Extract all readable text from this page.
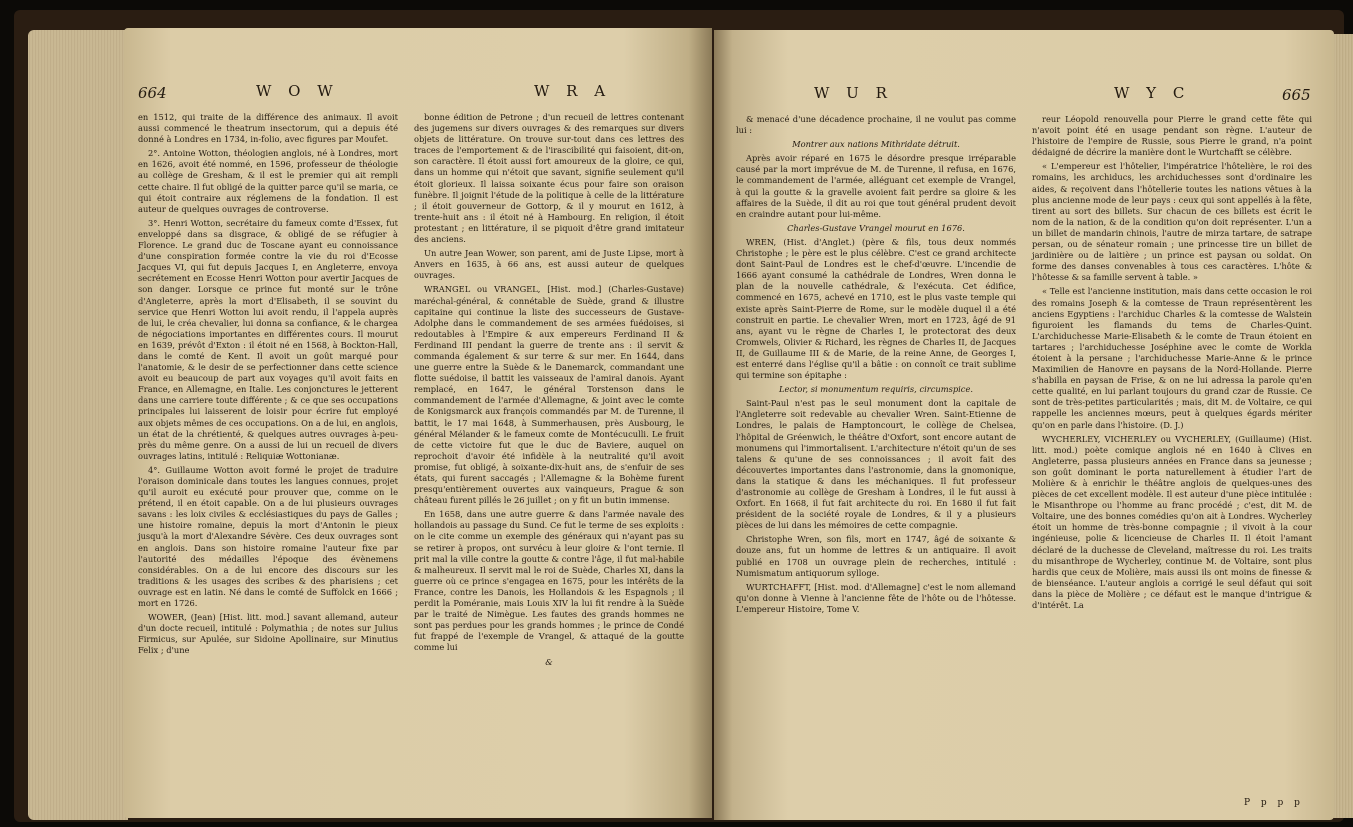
664	W O W	W R A

en 1512, qui traite de la différence des animaux. Il avoit aussi commencé le theatrum insectorum, qui a depuis été donné à Londres en 1734, in-folio, avec figures par Moufet.

2°. Antoine Wotton, théologien anglois, né à Londres, mort en 1626, avoit été nommé, en 1596, professeur de théologie au collège de Gresham, & il est le premier qui ait rempli cette chaire. Il fut obligé de la quitter parce qu'il se maria, ce qui étoit contraire aux réglemens de la fondation. Il est auteur de quelques ouvrages de controverse.

3°. Henri Wotton, secrétaire du fameux comte d'Essex, fut enveloppé dans sa disgrace, & obligé de se réfugier à Florence. Le grand duc de Toscane ayant eu connoissance d'une conspiration formée contre la vie du roi d'Ecosse Jacques VI, qui fut depuis Jacques I, en Angleterre, envoya secrétement en Ecosse Henri Wotton pour avertir Jacques de son danger. Lorsque ce prince fut monté sur le trône d'Angleterre, après la mort d'Elisabeth, il se souvint du service que Henri Wotton lui avoit rendu, il l'appela auprès de lui, le créa chevalier, lui donna sa confiance, & le chargea de négociations importantes en différentes cours. Il mourut en 1639, prévôt d'Exton : il étoit né en 1568, à Bockton-Hall, dans le comté de Kent. Il avoit un goût marqué pour l'anatomie, & le desir de se perfectionner dans cette science avoit eu beaucoup de part aux voyages qu'il avoit faits en France, en Allemagne, en Italie. Les conjonctures le jetterent dans une carriere toute différente ; & ce que ses occupations principales lui laisserent de loisir pour écrire fut employé aux objets mêmes de ces occupations. On a de lui, en anglois, un état de la chrétienté, & quelques autres ouvrages à-peu-près du même genre. On a aussi de lui un recueil de divers ouvrages latins, intitulé : Reliquiæ Wottonianæ.

4°. Guillaume Wotton avoit formé le projet de traduire l'oraison dominicale dans toutes les langues connues, projet qu'il auroit eu exécuté pour prouver que, comme on le prétend, il en étoit capable. On a de lui plusieurs ouvrages savans : les loix civiles & ecclésiastiques du pays de Galles ; une histoire romaine, depuis la mort d'Antonin le pieux jusqu'à la mort d'Alexandre Sévère. Ces deux ouvrages sont en anglois. Dans son histoire romaine l'auteur fixe par l'autorité des médailles l'époque des évènemens considérables. On a de lui encore des discours sur les traditions & les usages des scribes & des pharisiens ; cet ouvrage est en latin. Né dans le comté de Suffolck en 1666 ; mort en 1726.

WOWER, (Jean) [Hist. litt. mod.] savant allemand, auteur d'un docte recueil, intitulé : Polymathia ; de notes sur Julius Firmicus, sur Apulée, sur Sidoine Apollinaire, sur Minutius Felix ; d'une

bonne édition de Petrone ; d'un recueil de lettres contenant des jugemens sur divers ouvrages & des remarques sur divers objets de littérature. On trouve sur-tout dans ces lettres des traces de l'emportement & de l'irascibilité qui faisoient, dit-on, son caractère. Il étoit aussi fort amoureux de la gloire, ce qui, dans un homme qui n'étoit que savant, signifie seulement qu'il étoit glorieux. Il laissa soixante écus pour faire son oraison funèbre. Il joignit l'étude de la politique à celle de la littérature ; il étoit gouverneur de Gottorp, & il y mourut en 1612, à trente-huit ans : il étoit né à Hambourg. En religion, il étoit protestant ; en littérature, il se piquoit d'être grand imitateur des anciens.

Un autre Jean Wower, son parent, ami de Juste Lipse, mort à Anvers en 1635, à 66 ans, est aussi auteur de quelques ouvrages.

WRANGEL ou VRANGEL, [Hist. mod.] (Charles-Gustave) maréchal-général, & connétable de Suède, grand & illustre capitaine qui continue la liste des successeurs de Gustave-Adolphe dans le commandement de ses armées fuédoises, si redoutables à l'Empire & aux empereurs Ferdinand II & Ferdinand III pendant la guerre de trente ans : il servit & commanda également & sur terre & sur mer. En 1644, dans une guerre entre la Suède & le Danemarck, commandant une flotte suédoise, il battit les vaisseaux de l'amiral danois. Ayant remplacé, en 1647, le général Torstenson dans le commandement de l'armée d'Allemagne, & joint avec le comte de Konigsmarck aux françois commandés par M. de Turenne, il battit, le 17 mai 1648, à Summerhausen, près Ausbourg, le général Mélander & le fameux comte de Montécuculli. Le fruit de cette victoire fut que le duc de Baviere, auquel on reprochoit d'avoir été infidèle à la neutralité qu'il avoit promise, fut obligé, à soixante-dix-huit ans, de s'enfuir de ses états, qui furent saccagés ; l'Allemagne & la Bohème furent presqu'entièrement ouvertes aux vainqueurs, Prague & son château furent pillés le 26 juillet ; on y fit un butin immense.

En 1658, dans une autre guerre & dans l'armée navale des hollandois au passage du Sund. Ce fut le terme de ses exploits : on le cite comme un exemple des généraux qui n'ayant pas su se retirer à propos, ont survécu à leur gloire & l'ont ternie. Il prit mal la ville contre la goutte & contre l'âge, il fut mal-habile & malheureux. Il servit mal le roi de Suède, Charles XI, dans la guerre où ce prince s'engagea en 1675, pour les intérêts de la France, contre les Danois, les Hollandois & les Espagnols ; il perdit la Poméranie, mais Louis XIV la lui fit rendre à la Suède par le traité de Nimègue. Les fautes des grands hommes ne sont pas perdues pour les grands hommes ; le prince de Condé fut frappé de l'exemple de Vrangel, & attaqué de la goutte comme lui

&

W U R	W Y C	665

& menacé d'une décadence prochaine, il ne voulut pas comme lui :

Montrer aux nations Mithridate détruit.

Après avoir réparé en 1675 le désordre presque irréparable causé par la mort imprévue de M. de Turenne, il refusa, en 1676, le commandement de l'armée, alléguant cet exemple de Vrangel, à qui la goutte & la gravelle avoient fait perdre sa gloire & les affaires de la Suède, il dit au roi que tout général prudent devoit en craindre autant pour lui-même.

Charles-Gustave Vrangel mourut en 1676.

WREN, (Hist. d'Anglet.) (père & fils, tous deux nommés Christophe ; le père est le plus célèbre. C'est ce grand architecte dont Saint-Paul de Londres est le chef-d'œuvre. L'incendie de 1666 ayant consumé la cathédrale de Londres, Wren donna le plan de la nouvelle cathédrale, & l'exécuta. Cet édifice, commencé en 1675, achevé en 1710, est le plus vaste temple qui existe après Saint-Pierre de Rome, sur le modèle duquel il a été construit en partie. Le chevalier Wren, mort en 1723, âgé de 91 ans, ayant vu le règne de Charles I, le protectorat des deux Cromwels, Olivier & Richard, les règnes de Charles II, de Jacques II, de Guillaume III & de Marie, de la reine Anne, de Georges I, est enterré dans l'église qu'il a bâtie : on connoît ce trait sublime qui termine son épitaphe :

Lector, si monumentum requiris, circumspice.

Saint-Paul n'est pas le seul monument dont la capitale de l'Angleterre soit redevable au chevalier Wren. Saint-Etienne de Londres, le palais de Hamptoncourt, le collège de Chelsea, l'hôpital de Gréenwich, le théâtre d'Oxfort, sont encore autant de monumens qui l'immortalisent. L'architecture n'étoit qu'un de ses talens & qu'une de ses connoissances ; il avoit fait des découvertes importantes dans l'astronomie, dans la gnomonique, dans la statique & dans les méchaniques. Il fut professeur d'astronomie au collège de Gresham à Londres, il le fut aussi à Oxfort. En 1668, il fut fait architecte du roi. En 1680 il fut fait président de la société royale de Londres, & il y a plusieurs pièces de lui dans les mémoires de cette compagnie.

Christophe Wren, son fils, mort en 1747, âgé de soixante & douze ans, fut un homme de lettres & un antiquaire. Il avoit publié en 1708 un ouvrage plein de recherches, intitulé : Numismatum antiquorum sylloge.

WURTCHAFFT, [Hist. mod. d'Allemagne] c'est le nom allemand qu'on donne à Vienne à l'ancienne fête de l'hôte ou de l'hôtesse. L'empereur Histoire, Tome V.

reur Léopold renouvella pour Pierre le grand cette fête qui n'avoit point été en usage pendant son règne. L'auteur de l'histoire de l'empire de Russie, sous Pierre le grand, n'a point dédaigné de décrire la manière dont le Wurtchafft se célèbre.

« L'empereur est l'hôtelier, l'impératrice l'hôtelière, le roi des romains, les archiducs, les archiduchesses sont d'ordinaire les aides, & reçoivent dans l'hôtellerie toutes les nations vêtues à la plus ancienne mode de leur pays : ceux qui sont appellés à la fête, tirent au sort des billets. Sur chacun de ces billets est écrit le nom de la nation, & de la condition qu'on doit représenter. L'un a un billet de mandarin chinois, l'autre de mirza tartare, de satrape persan, ou de sénateur romain ; une princesse tire un billet de jardinière ou de laitière ; un prince est paysan ou soldat. On forme des danses convenables à tous ces caractères. L'hôte & l'hôtesse & sa famille servent à table. »

« Telle est l'ancienne institution, mais dans cette occasion le roi des romains Joseph & la comtesse de Traun représentèrent les anciens Egyptiens : l'archiduc Charles & la comtesse de Walstein figuroient les flamands du tems de Charles-Quint. L'archiduchesse Marie-Elisabeth & le comte de Traun étoient en tartares ; l'archiduchesse Joséphine avec le comte de Workla étoient à la persane ; l'archiduchesse Marie-Anne & le prince Maximilien de Hanovre en paysans de la Nord-Hollande. Pierre s'habilla en paysan de Frise, & on ne lui adressa la parole qu'en cette qualité, en lui parlant toujours du grand czar de Russie. Ce sont de très-petites particularités ; mais, dit M. de Voltaire, ce qui rappelle les anciennes mœurs, peut à quelques égards mériter qu'on en parle dans l'histoire. (D. J.)

WYCHERLEY, VICHERLEY ou VYCHERLEY, (Guillaume) (Hist. litt. mod.) poète comique anglois né en 1640 à Clives en Angleterre, passa plusieurs années en France dans sa jeunesse ; son goût dominant le porta naturellement à étudier l'art de Molière & à enrichir le théâtre anglois de quelques-unes des pièces de cet excellent modèle. Il est auteur d'une pièce intitulée : le Misanthrope ou l'homme au franc procédé ; c'est, dit M. de Voltaire, une des bonnes comédies qu'on ait à Londres. Wycherley étoit un homme de très-bonne compagnie ; il vivoit à la cour ingénieuse, polie & licencieuse de Charles II. Il étoit l'amant déclaré de la duchesse de Cleveland, maîtresse du roi. Les traits du misanthrope de Wycherley, continue M. de Voltaire, sont plus hardis que ceux de Molière, mais aussi ils ont moins de finesse & de bienséance. L'auteur anglois a corrigé le seul défaut qui soit dans la pièce de Molière ; ce défaut est le manque d'intrigue & d'intérêt. La

P p p p
